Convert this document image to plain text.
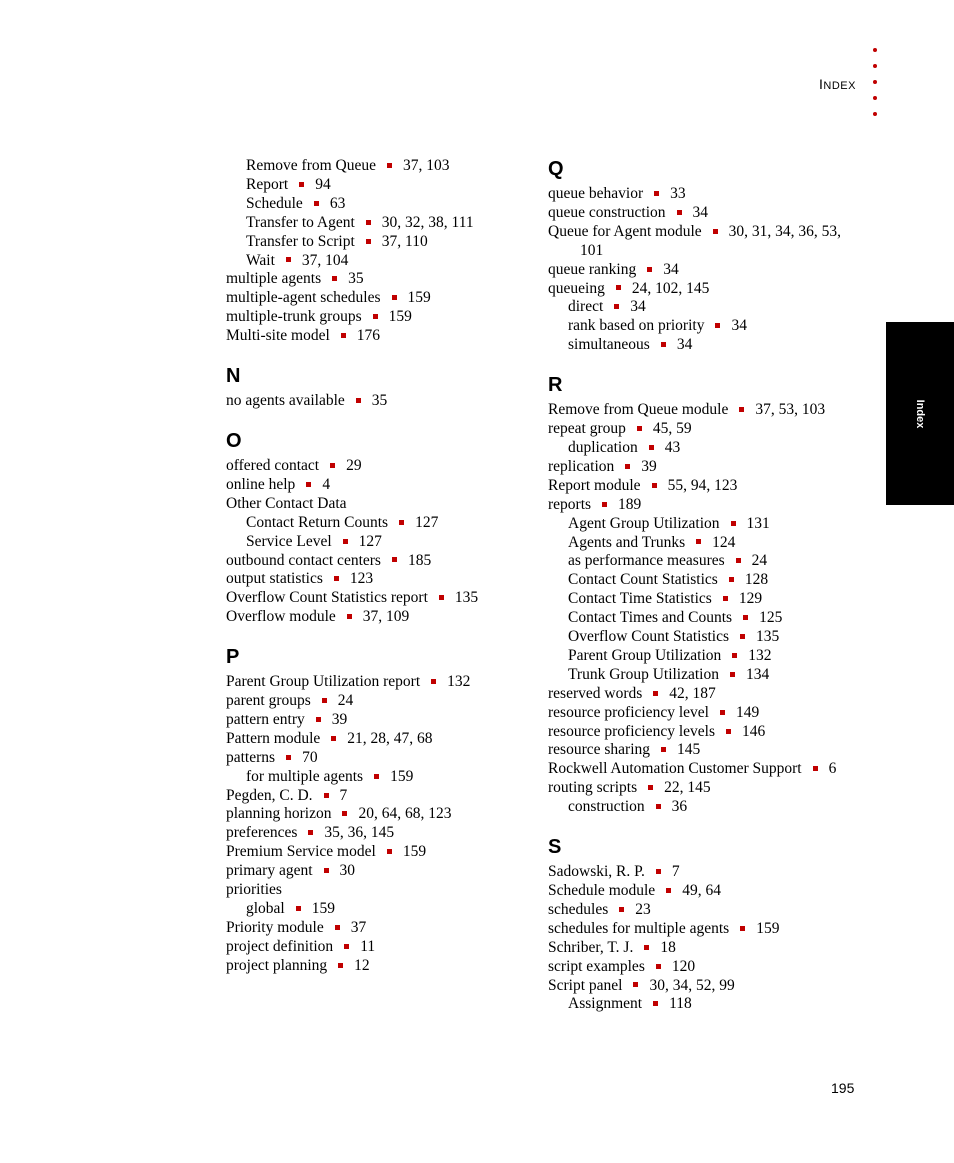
INDEX
Index
Remove from Queue 37, 103
Report 94
Schedule 63
Transfer to Agent 30, 32, 38, 111
Transfer to Script 37, 110
Wait 37, 104
multiple agents 35
multiple-agent schedules 159
multiple-trunk groups 159
Multi-site model 176
N
no agents available 35
O
offered contact 29
online help 4
Other Contact Data
Contact Return Counts 127
Service Level 127
outbound contact centers 185
output statistics 123
Overflow Count Statistics report 135
Overflow module 37, 109
P
Parent Group Utilization report 132
parent groups 24
pattern entry 39
Pattern module 21, 28, 47, 68
patterns 70
for multiple agents 159
Pegden, C. D. 7
planning horizon 20, 64, 68, 123
preferences 35, 36, 145
Premium Service model 159
primary agent 30
priorities
global 159
Priority module 37
project definition 11
project planning 12
Q
queue behavior 33
queue construction 34
Queue for Agent module 30, 31, 34, 36, 53,
101
queue ranking 34
queueing 24, 102, 145
direct 34
rank based on priority 34
simultaneous 34
R
Remove from Queue module 37, 53, 103
repeat group 45, 59
duplication 43
replication 39
Report module 55, 94, 123
reports 189
Agent Group Utilization 131
Agents and Trunks 124
as performance measures 24
Contact Count Statistics 128
Contact Time Statistics 129
Contact Times and Counts 125
Overflow Count Statistics 135
Parent Group Utilization 132
Trunk Group Utilization 134
reserved words 42, 187
resource proficiency level 149
resource proficiency levels 146
resource sharing 145
Rockwell Automation Customer Support 6
routing scripts 22, 145
construction 36
S
Sadowski, R. P. 7
Schedule module 49, 64
schedules 23
schedules for multiple agents 159
Schriber, T. J. 18
script examples 120
Script panel 30, 34, 52, 99
Assignment 118
195
